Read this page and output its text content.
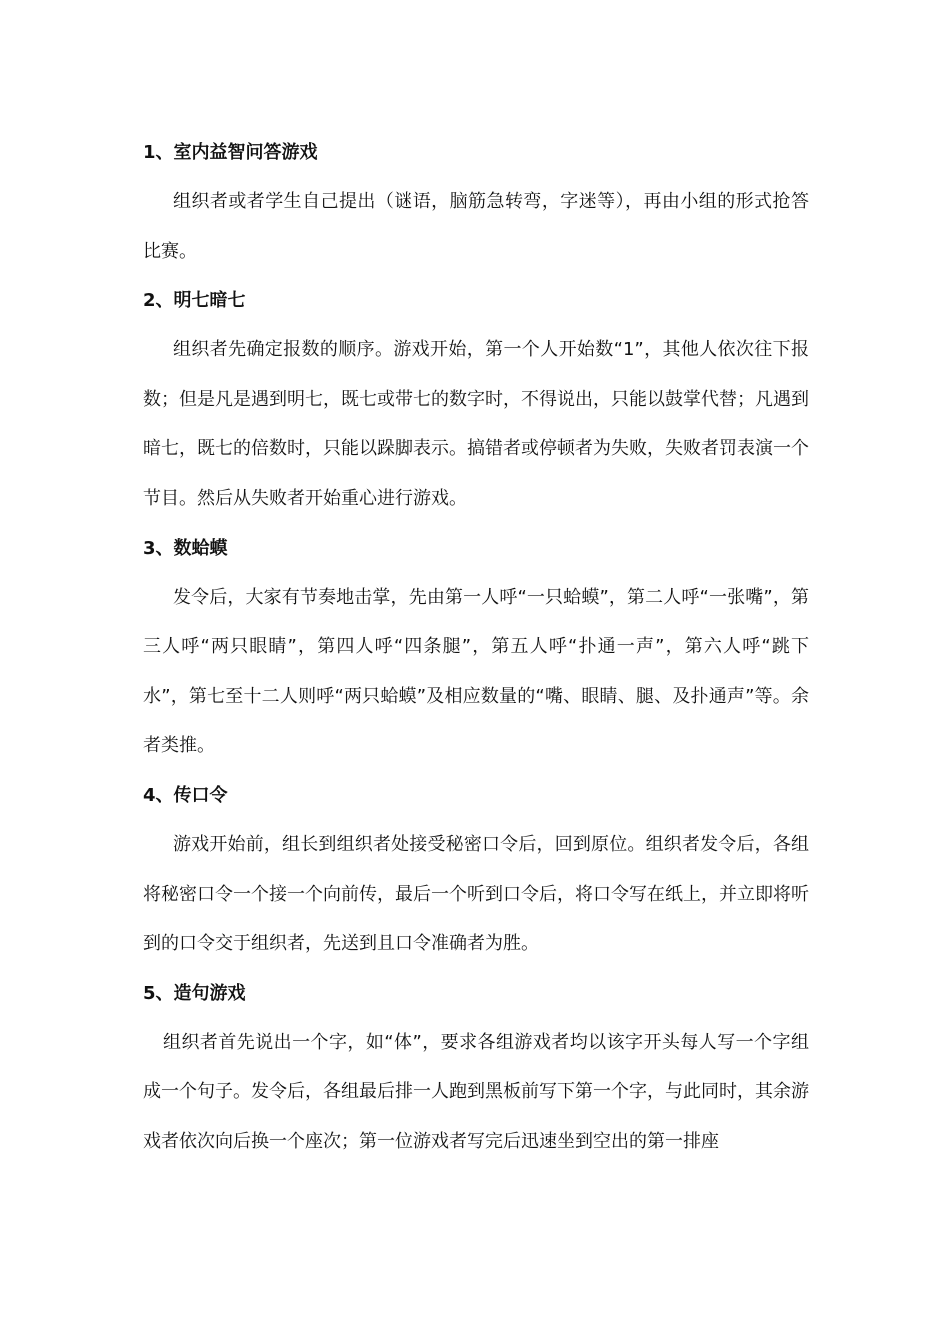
1、室内益智问答游戏

组织者或者学生自己提出（谜语，脑筋急转弯，字迷等），再由小组的形式抢答比赛。

2、明七暗七

组织者先确定报数的顺序。游戏开始，第一个人开始数“1”，其他人依次往下报数；但是凡是遇到明七，既七或带七的数字时，不得说出，只能以鼓掌代替；凡遇到暗七，既七的倍数时，只能以跺脚表示。搞错者或停顿者为失败，失败者罚表演一个节目。然后从失败者开始重心进行游戏。

3、数蛤蟆

发令后，大家有节奏地击掌，先由第一人呼“一只蛤蟆”，第二人呼“一张嘴”，第三人呼“两只眼睛”，第四人呼“四条腿”，第五人呼“扑通一声”，第六人呼“跳下水”，第七至十二人则呼“两只蛤蟆”及相应数量的“嘴、眼睛、腿、及扑通声”等。余者类推。

4、传口令

游戏开始前，组长到组织者处接受秘密口令后，回到原位。组织者发令后，各组将秘密口令一个接一个向前传，最后一个听到口令后，将口令写在纸上，并立即将听到的口令交于组织者，先送到且口令准确者为胜。

5、造句游戏

组织者首先说出一个字，如“体”，要求各组游戏者均以该字开头每人写一个字组成一个句子。发令后，各组最后排一人跑到黑板前写下第一个字，与此同时，其余游戏者依次向后换一个座次；第一位游戏者写完后迅速坐到空出的第一排座
